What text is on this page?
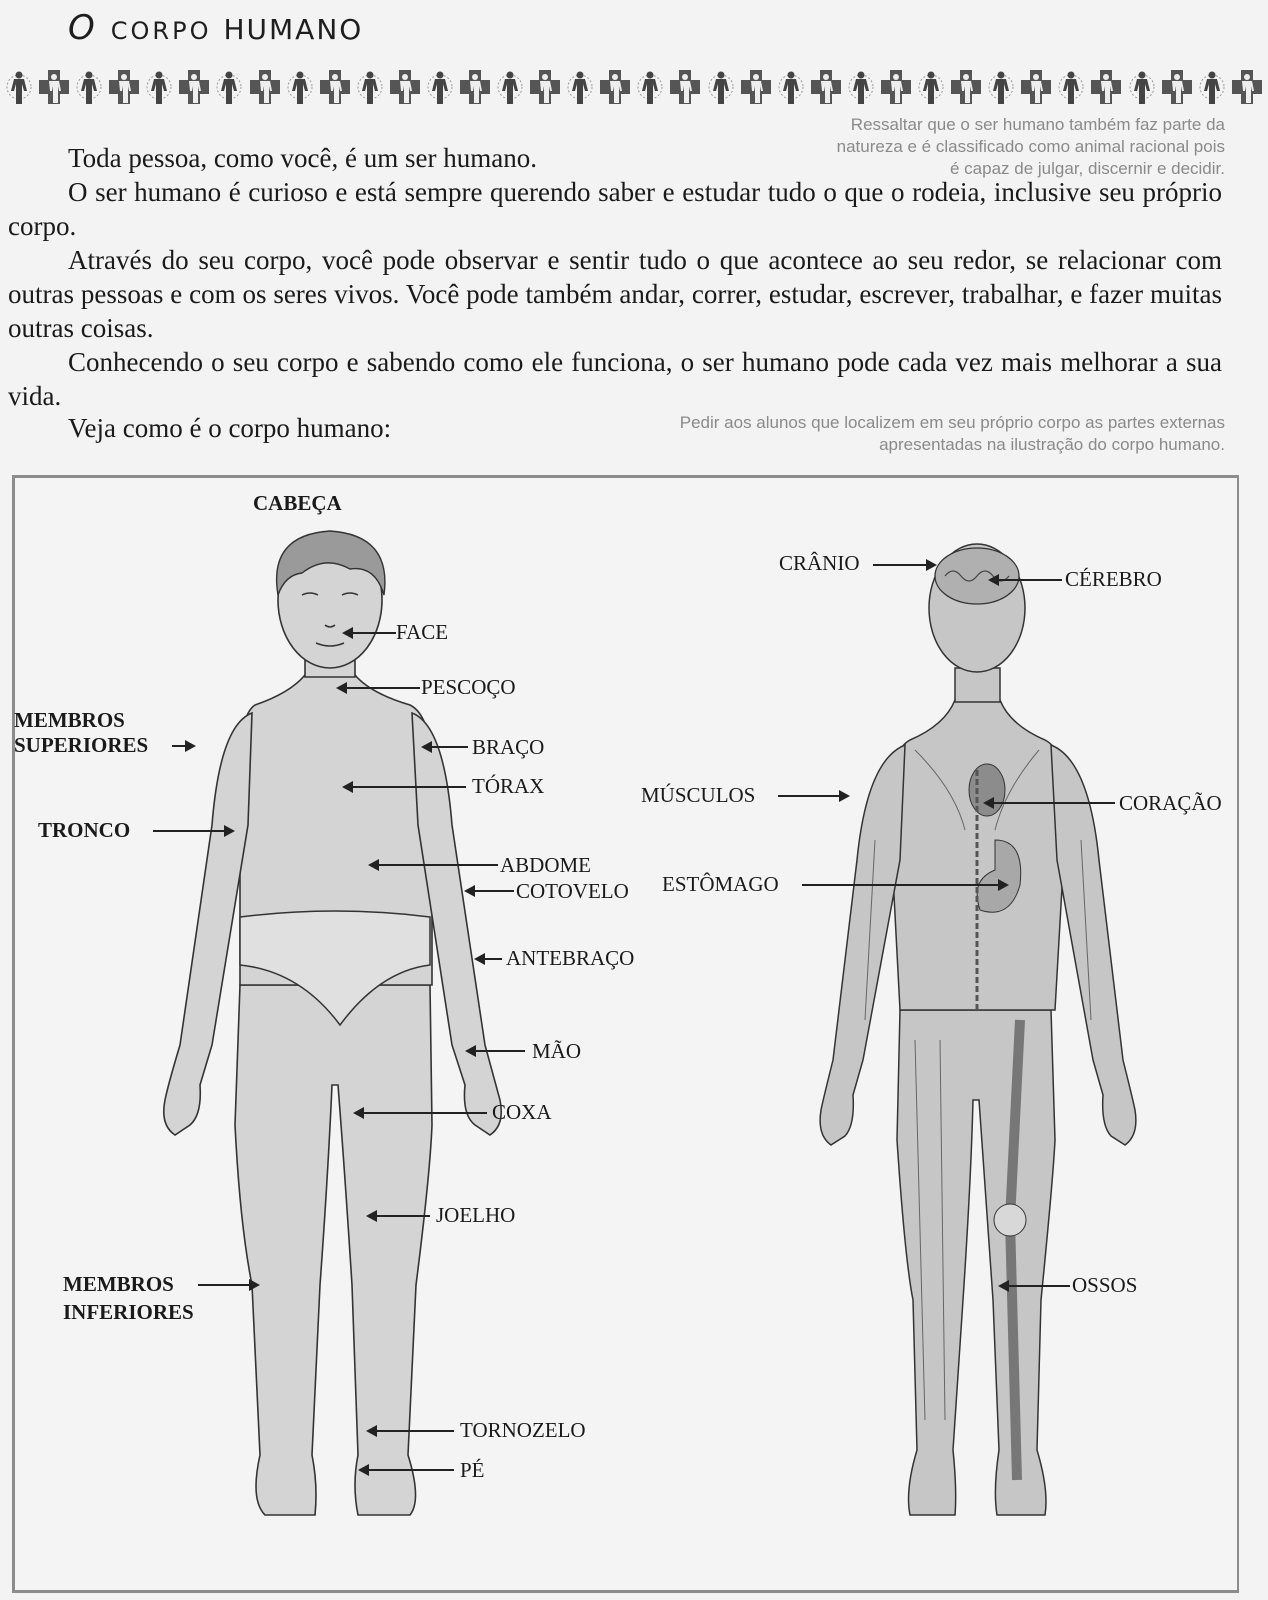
O CORPO HUMANO
Ressaltar que o ser humano também faz parte da
natureza e é classificado como animal racional pois
é capaz de julgar, discernir e decidir.
Toda pessoa, como você, é um ser humano.
O ser humano é curioso e está sempre querendo saber e estudar tudo o que o rodeia, inclusive seu próprio corpo.
Através do seu corpo, você pode observar e sentir tudo o que acontece ao seu redor, se relacionar com outras pessoas e com os seres vivos. Você pode também andar, correr, estudar, escrever, trabalhar, e fazer muitas outras coisas.
Conhecendo o seu corpo e sabendo como ele funciona, o ser humano pode cada vez mais melhorar a sua vida.
Veja como é o corpo humano:	Pedir aos alunos que localizem em seu próprio corpo as partes externas
apresentadas na ilustração do corpo humano.
CABEÇA
FACE
PESCOÇO
MEMBROS
SUPERIORES	BRAÇO
TÓRAX
TRONCO
ABDOME
COTOVELO
ANTEBRAÇO
MÃO
COXA
JOELHO
MEMBROS
INFERIORES
TORNOZELO
PÉ
CRÂNIO
CÉREBRO
MÚSCULOS	CORAÇÃO
ESTÔMAGO
OSSOS
